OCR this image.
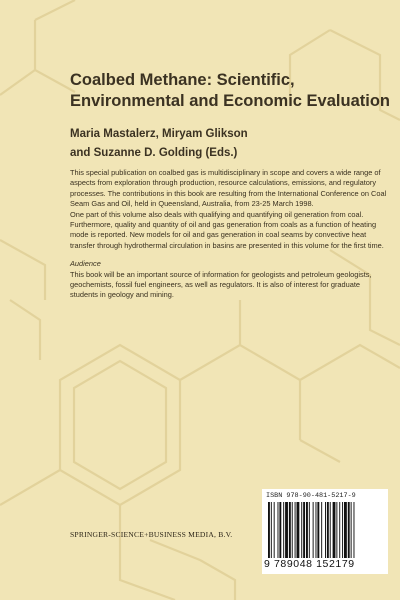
Coalbed Methane: Scientific,
Environmental and Economic Evaluation
Maria Mastalerz, Miryam Glikson
and Suzanne D. Golding (Eds.)

This special publication on coalbed gas is multidisciplinary in scope and covers a wide range of aspects from exploration through production, resource calculations, emissions, and regulatory processes. The contributions in this book are resulting from the International Conference on Coal Seam Gas and Oil, held in Queensland, Australia, from 23-25 March 1998.

One part of this volume also deals with qualifying and quantifying oil generation from coal. Furthermore, quality and quantity of oil and gas generation from coals as a function of heating mode is reported. New models for oil and gas generation in coal seams by convective heat transfer through hydrothermal circulation in basins are presented in this volume for the first time.

Audience

This book will be an important source of information for geologists and petroleum geologists, geochemists, fossil fuel engineers, as well as regulators. It is also of interest for graduate students in geology and mining.

SPRINGER-SCIENCE+BUSINESS MEDIA, B.V.
ISBN 978-90-481-5217-9
9 789048 152179
